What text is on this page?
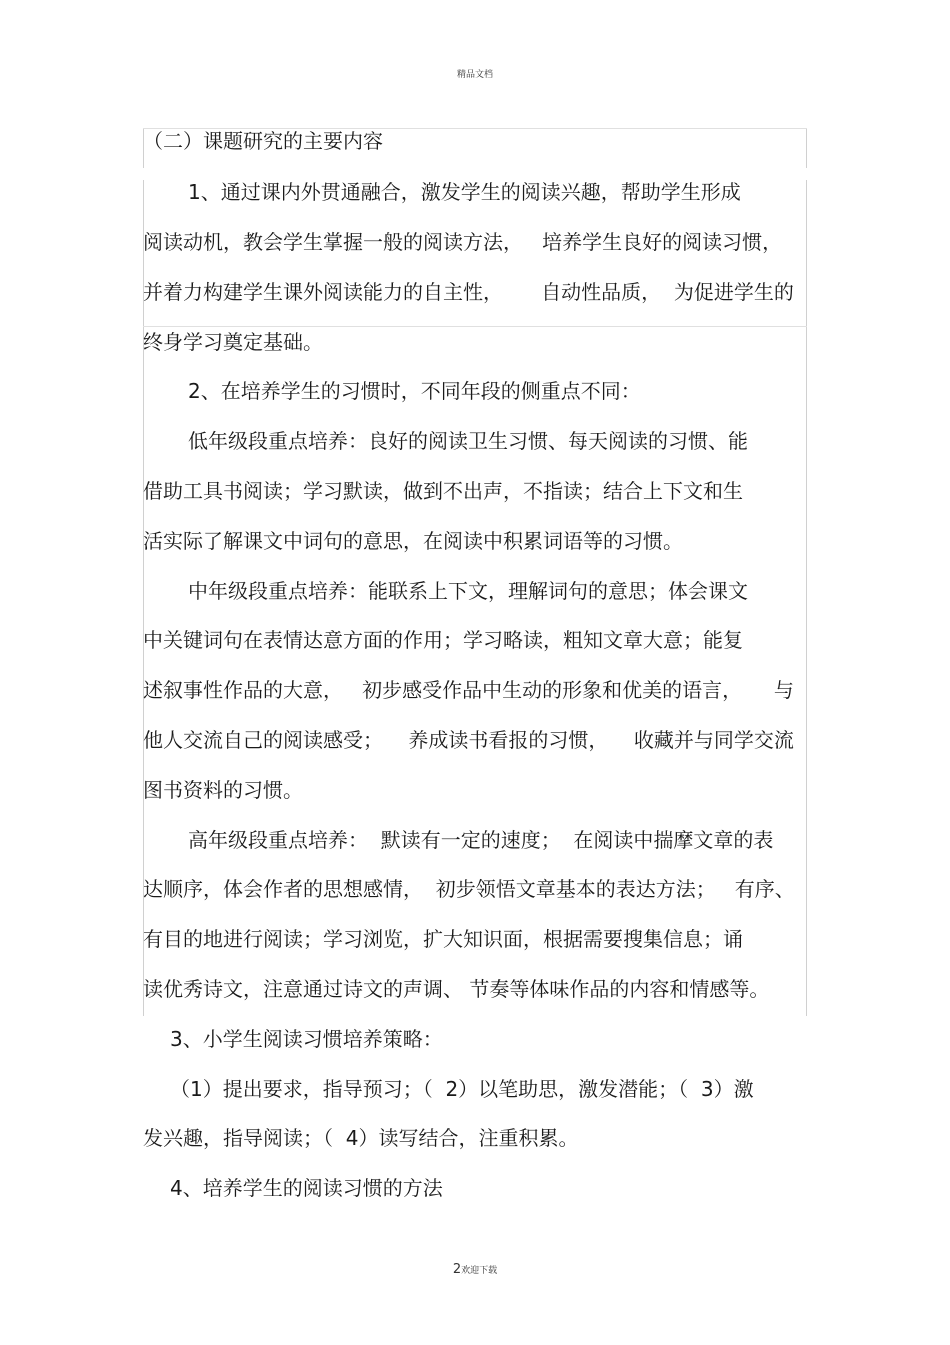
精品文档
（二）课题研究的主要内容
1、通过课内外贯通融合，激发学生的阅读兴趣，帮助学生形成
阅读动机，教会学生掌握一般的阅读方法，   培养学生良好的阅读习惯，
并着力构建学生课外阅读能力的自主性，      自动性品质，  为促进学生的
终身学习奠定基础。
2、在培养学生的习惯时，不同年段的侧重点不同：
低年级段重点培养：良好的阅读卫生习惯、每天阅读的习惯、能
借助工具书阅读；学习默读，做到不出声，不指读；结合上下文和生
活实际了解课文中词句的意思，在阅读中积累词语等的习惯。
中年级段重点培养：能联系上下文，理解词句的意思；体会课文
中关键词句在表情达意方面的作用；学习略读，粗知文章大意；能复
述叙事性作品的大意，   初步感受作品中生动的形象和优美的语言，     与
他人交流自己的阅读感受；    养成读书看报的习惯，    收藏并与同学交流
图书资料的习惯。
高年级段重点培养：  默读有一定的速度；  在阅读中揣摩文章的表
达顺序，体会作者的思想感情，  初步领悟文章基本的表达方法；   有序、
有目的地进行阅读；学习浏览，扩大知识面，根据需要搜集信息；诵
读优秀诗文，注意通过诗文的声调、 节奏等体味作品的内容和情感等。
3、小学生阅读习惯培养策略：
（1）提出要求，指导预习；（  2）以笔助思，激发潜能；（  3）激
发兴趣，指导阅读；（  4）读写结合，注重积累。
4、培养学生的阅读习惯的方法
2欢迎下载
